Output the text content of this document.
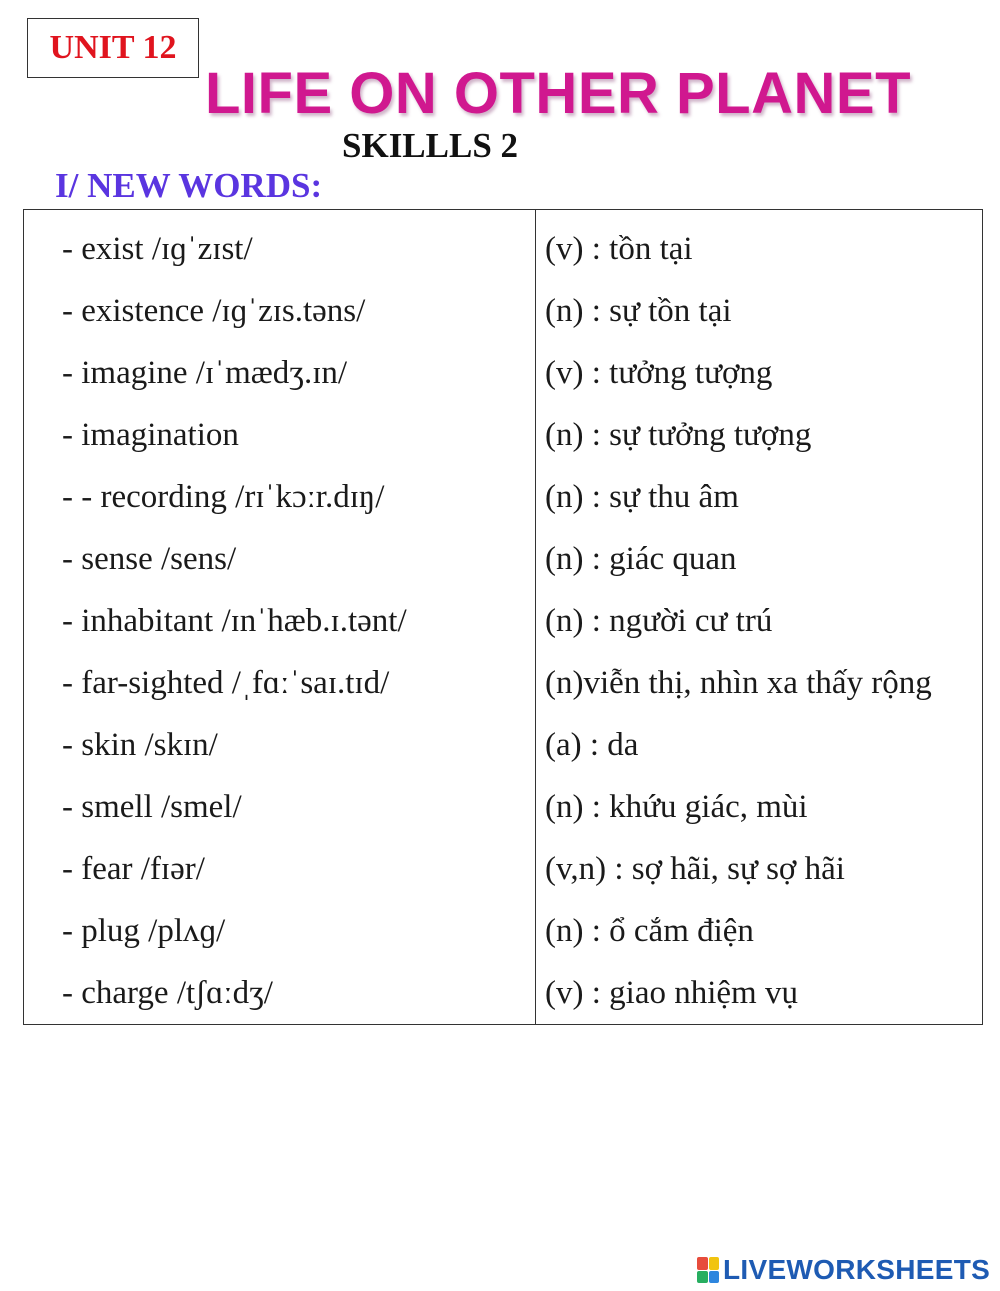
UNIT 12
LIFE ON OTHER PLANET
SKILLLS 2
I/ NEW WORDS:
- exist /ɪɡˈzɪst/	(v) : tồn tại
- existence /ɪɡˈzɪs.təns/	(n) : sự tồn tại
- imagine /ɪˈmædʒ.ɪn/	(v) : tưởng tượng
- imagination	(n) : sự tưởng tượng
- - recording /rɪˈkɔːr.dɪŋ/	(n) : sự thu âm
- sense /sens/	(n) : giác quan
- inhabitant /ɪnˈhæb.ɪ.tənt/	(n) : người cư trú
- far-sighted /ˌfɑːˈsaɪ.tɪd/	(n)viễn thị, nhìn xa thấy rộng
- skin /skɪn/	(a) : da
- smell /smel/	(n) : khứu giác, mùi
- fear /fɪər/	(v,n) : sợ hãi, sự sợ hãi
- plug /plʌɡ/	(n) : ổ cắm điện
- charge /tʃɑːdʒ/	(v) : giao nhiệm vụ
LIVEWORKSHEETS
